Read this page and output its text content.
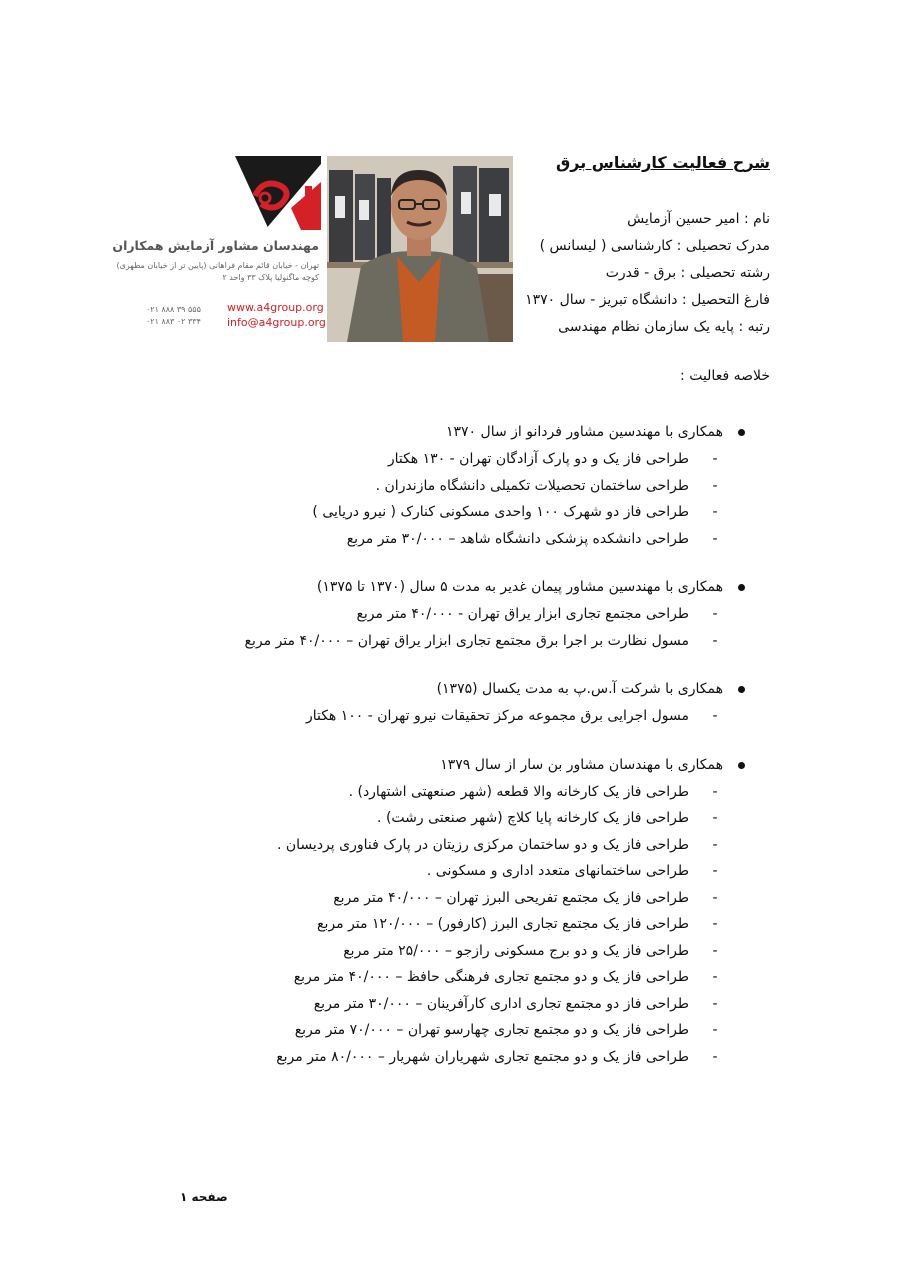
شرح فعالیت کارشناس برق
نام : امیر حسین آزمایش
مدرک تحصیلی : کارشناسی ( لیسانس )
رشته تحصیلی : برق - قدرت
فارغ التحصیل : دانشگاه تبریز - سال ۱۳۷۰
رتبه : پایه یک سازمان نظام مهندسی
مهندسان مشاور آزمایش همکاران
تهران - خیابان قائم مقام فراهانی (پایین تر از خیابان مطهری)
کوچه ماگنولیا پلاک ۳۳ واحد ۲
۰۲۱ ۸۸۸ ۳۹ ۵۵۵
۰۲۱ ۸۸۳ ۰۲ ۳۳۴
www.a4group.org
info@a4group.org
خلاصه فعالیت :
همکاری با مهندسین مشاور فردانو از سال ۱۳۷۰
-
طراحی فاز یک و دو پارک آزادگان تهران - ۱۳۰ هکتار
-
طراحی ساختمان تحصیلات تکمیلی دانشگاه مازندران .
-
طراحی فاز دو شهرک ۱۰۰ واحدی مسکونی کنارک ( نیرو دریایی )
-
طراحی دانشکده پزشکی دانشگاه شاهد – ۳۰/۰۰۰ متر مربع
همکاری با مهندسین مشاور پیمان غدیر به مدت ۵ سال (۱۳۷۰ تا ۱۳۷۵)
-
طراحی مجتمع تجاری ابزار یراق تهران - ۴۰/۰۰۰ متر مربع
-
مسول نظارت بر اجرا برق مجتمع تجاری ابزار یراق تهران – ۴۰/۰۰۰ متر مربع
همکاری با شرکت آ.س.پ به مدت یکسال (۱۳۷۵)
-
مسول اجرایی برق مجموعه مرکز تحقیقات نیرو تهران - ۱۰۰ هکتار
همکاری با مهندسان مشاور بن سار از سال ۱۳۷۹
-
طراحی فاز یک کارخانه والا قطعه (شهر صنعهتی اشتهارد) .
-
طراحی فاز یک کارخانه پایا کلاچ (شهر صنعتی رشت) .
-
طراحی فاز یک و دو ساختمان مرکزی رزیتان در پارک فناوری پردیسان .
-
طراحی ساختمانهای متعدد اداری و مسکونی .
-
طراحی فاز یک مجتمع تفریحی البرز تهران – ۴۰/۰۰۰ متر مربع
-
طراحی فاز یک مجتمع تجاری البرز (کارفور) – ۱۲۰/۰۰۰ متر مربع
-
طراحی فاز یک و دو برج مسکونی رازجو – ۲۵/۰۰۰ متر مربع
-
طراحی فاز یک و دو مجتمع تجاری فرهنگی حافظ – ۴۰/۰۰۰ متر مربع
-
طراحی فاز دو مجتمع تجاری اداری کارآفرینان – ۳۰/۰۰۰ متر مربع
-
طراحی فاز یک و دو مجتمع تجاری چهارسو تهران – ۷۰/۰۰۰ متر مربع
-
طراحی فاز یک و دو مجتمع تجاری شهریاران شهریار – ۸۰/۰۰۰ متر مربع
صفحه ۱
